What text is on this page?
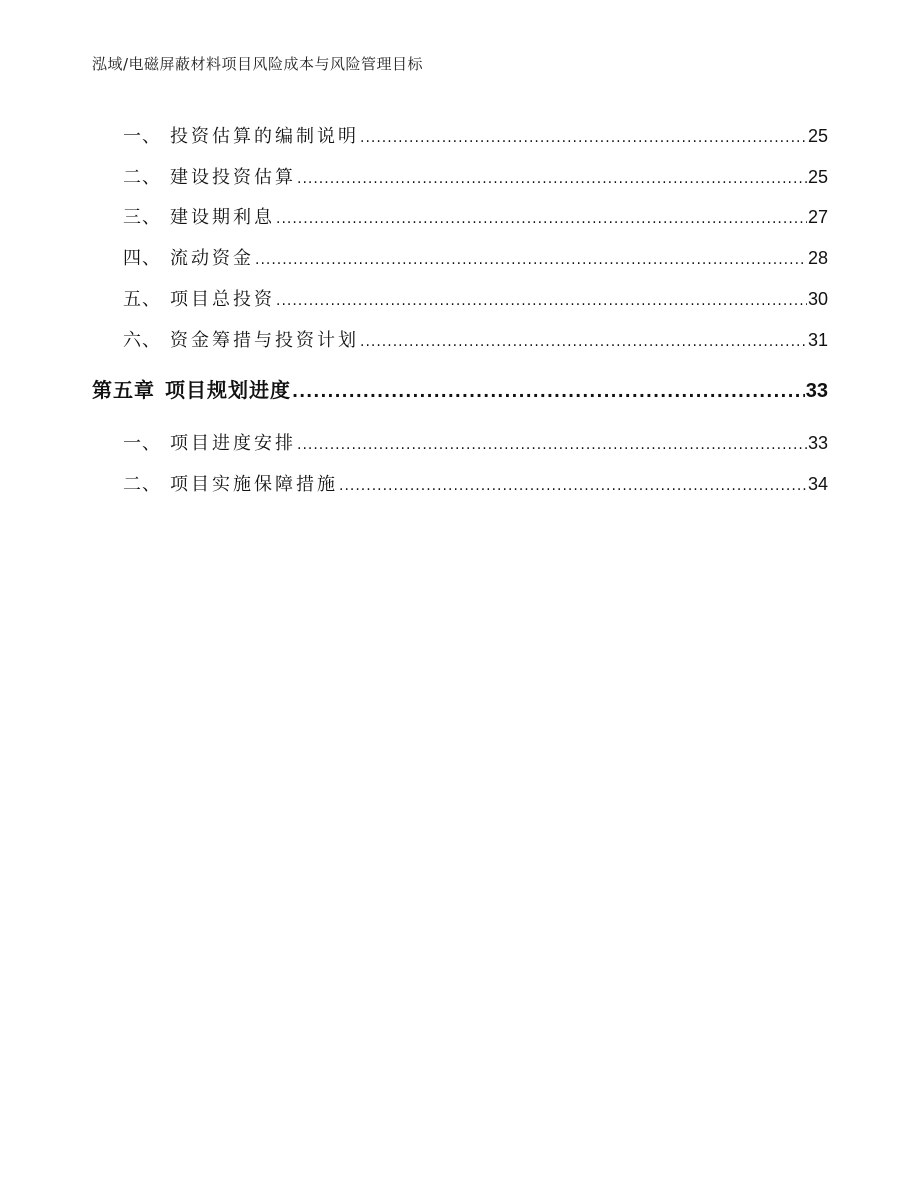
泓域/电磁屏蔽材料项目风险成本与风险管理目标
一、 投资估算的编制说明 .....	25
二、 建设投资估算 .....	25
三、 建设期利息 .....	27
四、 流动资金 .....	28
五、 项目总投资 .....	30
六、 资金筹措与投资计划 .....	31
第五章 项目规划进度 .....	33
一、 项目进度安排 .....	33
二、 项目实施保障措施 .....	34
